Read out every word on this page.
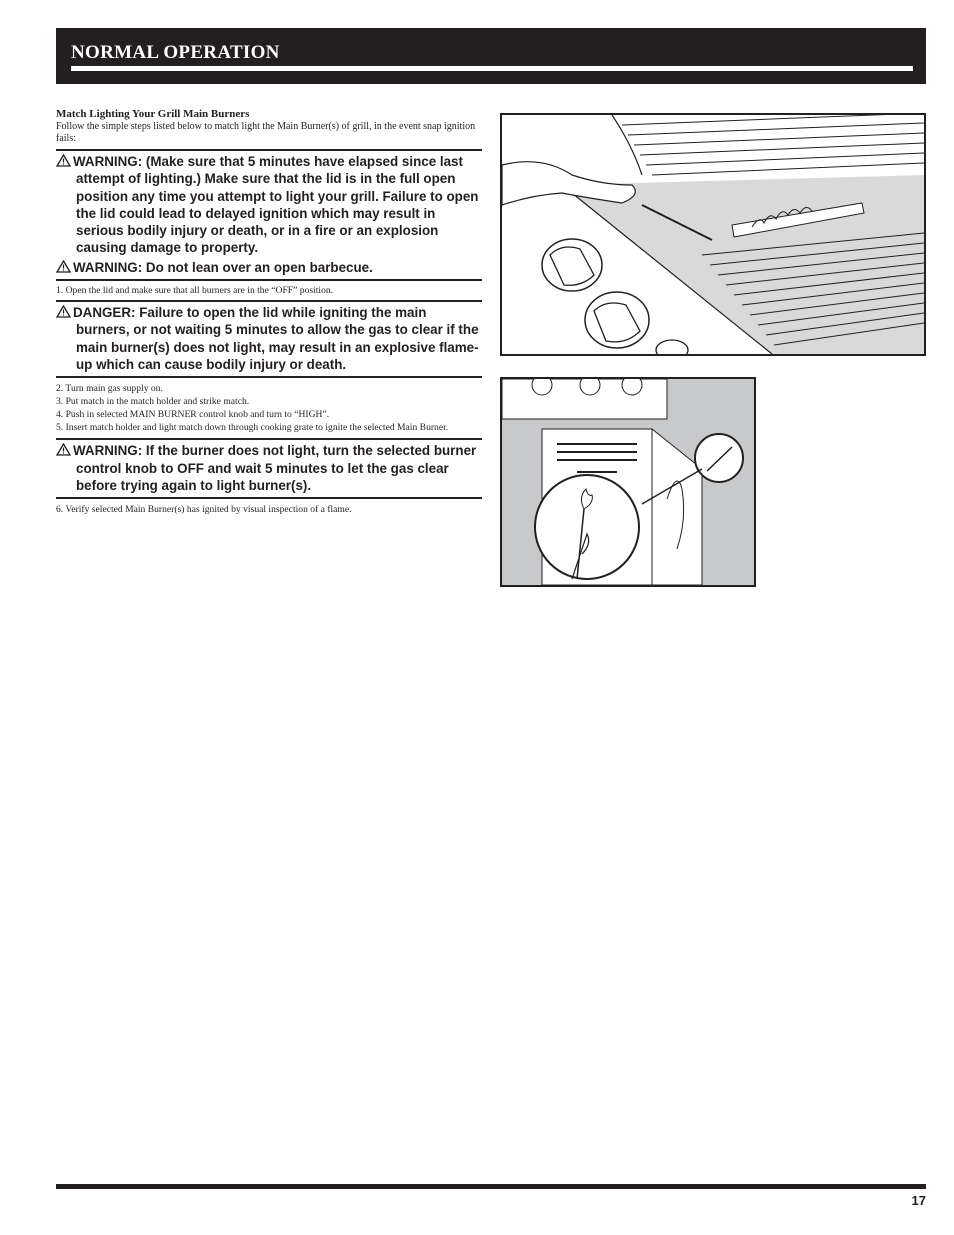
NORMAL OPERATION

Match Lighting Your Grill Main Burners

Follow the simple steps listed below to match light the Main Burner(s) of grill, in the event snap ignition fails:

WARNING: (Make sure that 5 minutes have elapsed since last attempt of lighting.) Make sure that the lid is in the full open position any time you attempt to light your grill. Failure to open the lid could lead to delayed ignition which may result in serious bodily injury or death, or in a fire or an explosion causing damage to property.

WARNING: Do not lean over an open barbecue.

1. Open the lid and make sure that all burners are in the “OFF” position.

DANGER: Failure to open the lid while igniting the main burners, or not waiting 5 minutes to allow the gas to clear if the main burner(s) does not light, may result in an explosive flame-up which can cause bodily injury or death.

2. Turn main gas supply on.

3. Put match in the match holder and strike match.

4. Push in selected MAIN BURNER control knob and turn to “HIGH”.

5. Insert match holder and light match down through cooking grate to ignite the selected Main Burner.

WARNING: If the burner does not light, turn the selected burner control knob to OFF and wait 5 minutes to let the gas clear before trying again to light burner(s).

6. Verify selected Main Burner(s) has ignited by visual inspection of a flame.

17
